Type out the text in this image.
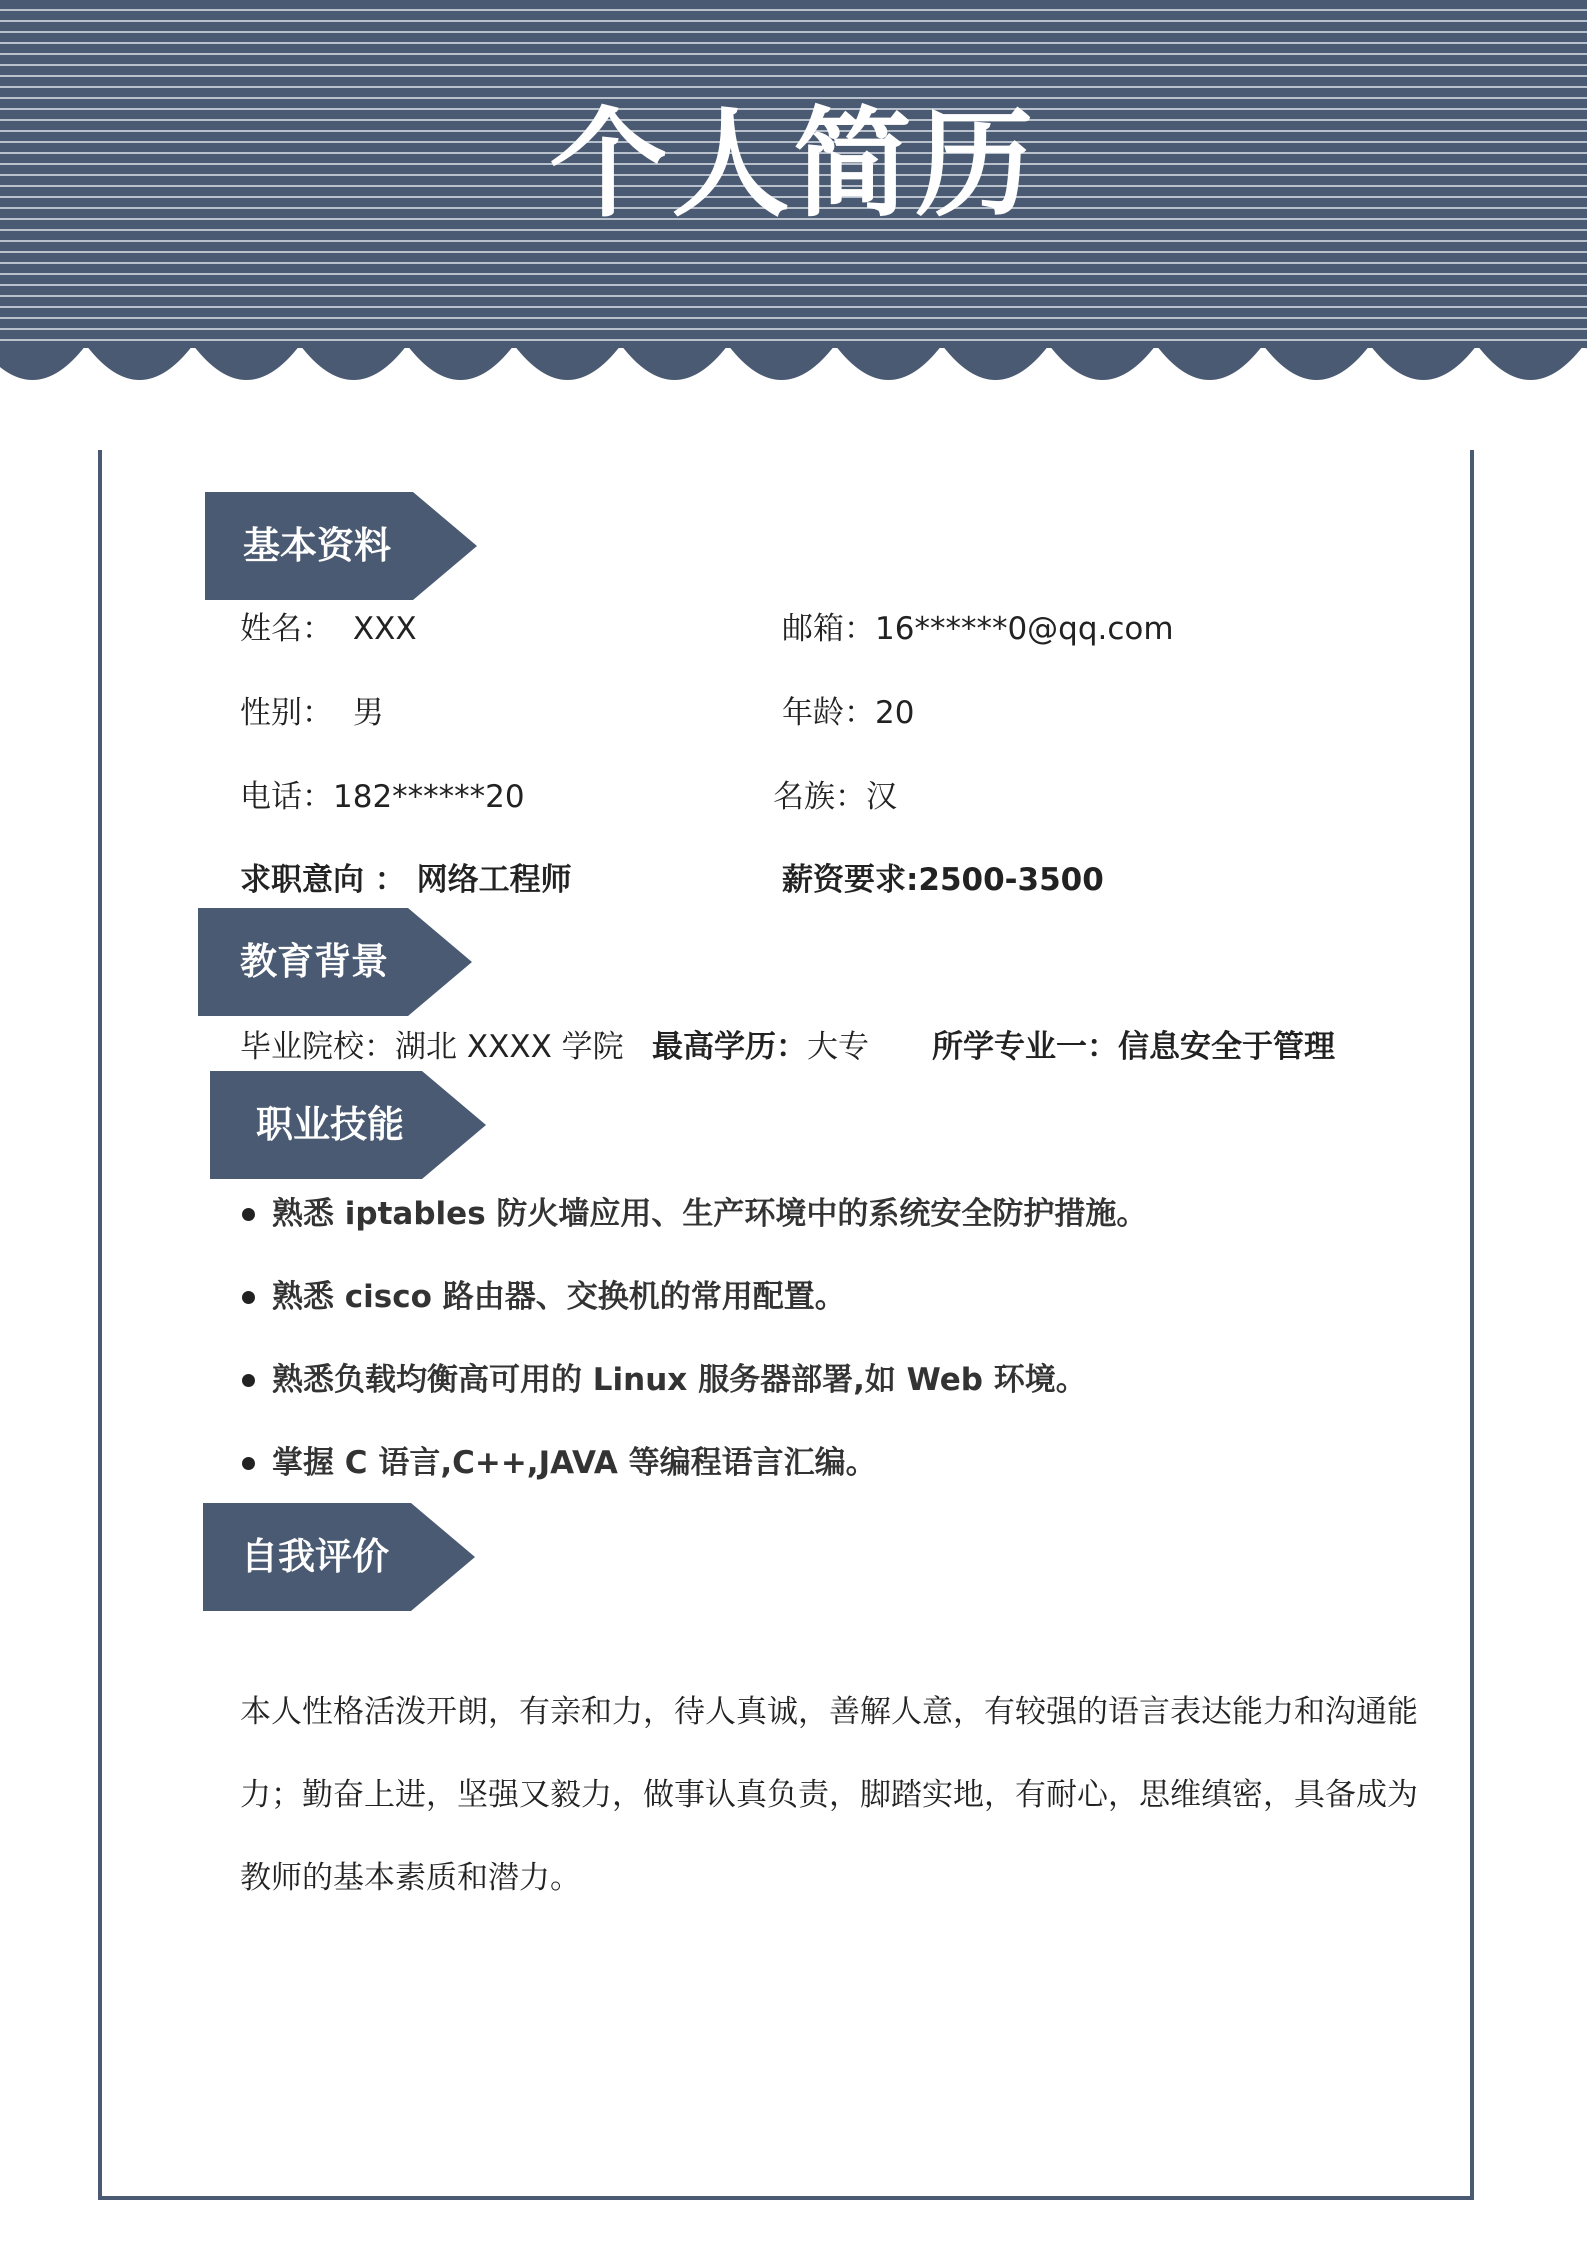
个人简历
基本资料
姓名： XXX	邮箱：16******0@qq.com
性别： 男	年龄：20
电话：182******20	名族：汉
求职意向 ： 网络工程师	薪资要求:2500-3500
教育背景
毕业院校：湖北 XXXX 学院 最高学历：大专 所学专业一：信息安全于管理
职业技能
熟悉 iptables 防火墙应用、生产环境中的系统安全防护措施。
熟悉 cisco 路由器、交换机的常用配置。
熟悉负载均衡高可用的 Linux 服务器部署,如 Web 环境。
掌握 C 语言,C++,JAVA 等编程语言汇编。
自我评价
本人性格活泼开朗，有亲和力，待人真诚，善解人意，有较强的语言表达能力和沟通能
力；勤奋上进，坚强又毅力，做事认真负责，脚踏实地，有耐心，思维缜密，具备成为
教师的基本素质和潜力。
